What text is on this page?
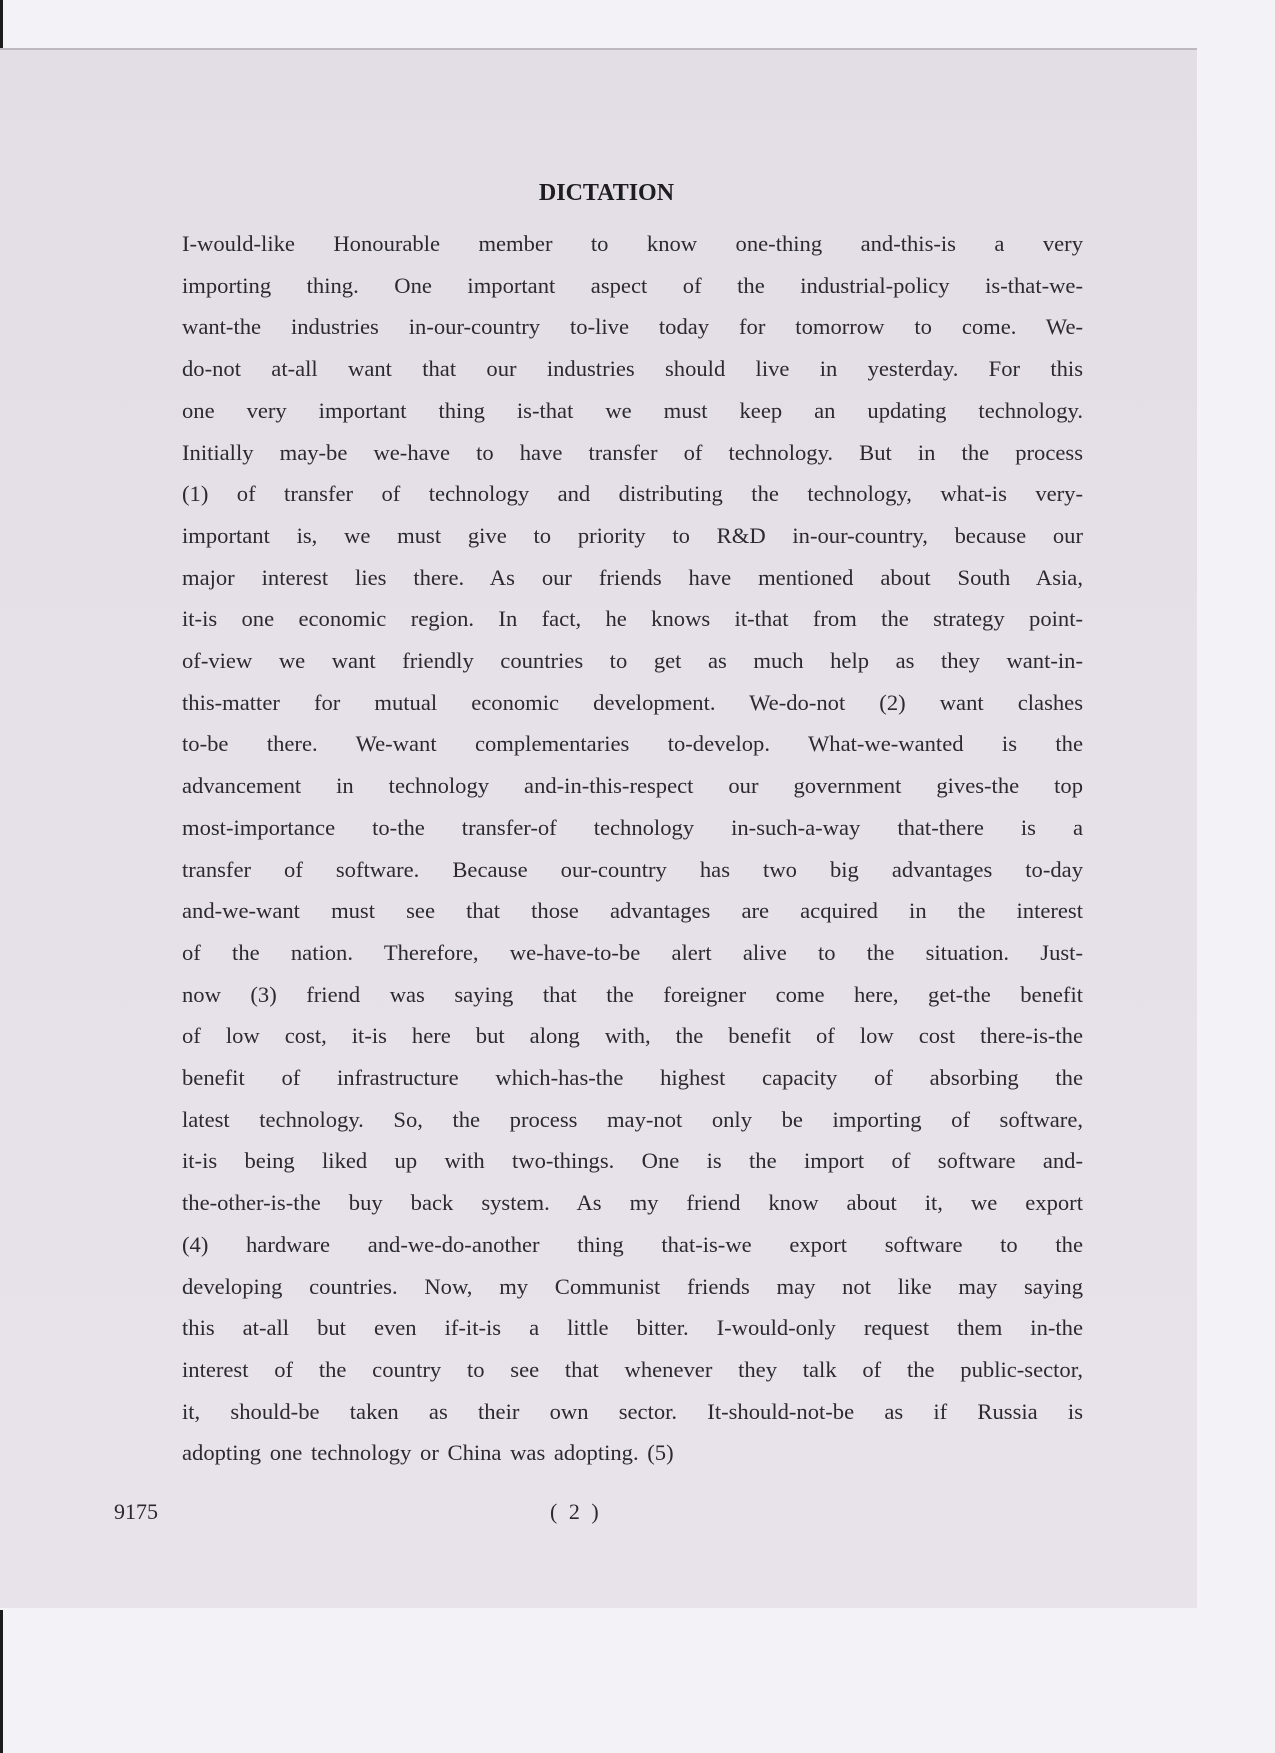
DICTATION
I-would-like Honourable member to know one-thing and-this-is a very
importing thing. One important aspect of the industrial-policy is-that-we-
want-the industries in-our-country to-live today for tomorrow to come. We-
do-not at-all want that our industries should live in yesterday. For this
one very important thing is-that we must keep an updating technology.
Initially may-be we-have to have transfer of technology. But in the process
(1) of transfer of technology and distributing the technology, what-is very-
important is, we must give to priority to R&D in-our-country, because our
major interest lies there. As our friends have mentioned about South Asia,
it-is one economic region. In fact, he knows it-that from the strategy point-
of-view we want friendly countries to get as much help as they want-in-
this-matter for mutual economic development. We-do-not (2) want clashes
to-be there. We-want complementaries to-develop. What-we-wanted is the
advancement in technology and-in-this-respect our government gives-the top
most-importance to-the transfer-of technology in-such-a-way that-there is a
transfer of software. Because our-country has two big advantages to-day
and-we-want must see that those advantages are acquired in the interest
of the nation. Therefore, we-have-to-be alert alive to the situation. Just-
now (3) friend was saying that the foreigner come here, get-the benefit
of low cost, it-is here but along with, the benefit of low cost there-is-the
benefit of infrastructure which-has-the highest capacity of absorbing the
latest technology. So, the process may-not only be importing of software,
it-is being liked up with two-things. One is the import of software and-
the-other-is-the buy back system. As my friend know about it, we export
(4) hardware and-we-do-another thing that-is-we export software to the
developing countries. Now, my Communist friends may not like may saying
this at-all but even if-it-is a little bitter. I-would-only request them in-the
interest of the country to see that whenever they talk of the public-sector,
it, should-be taken as their own sector. It-should-not-be as if Russia is
adopting one technology or China was adopting. (5)
9175	( 2 )
